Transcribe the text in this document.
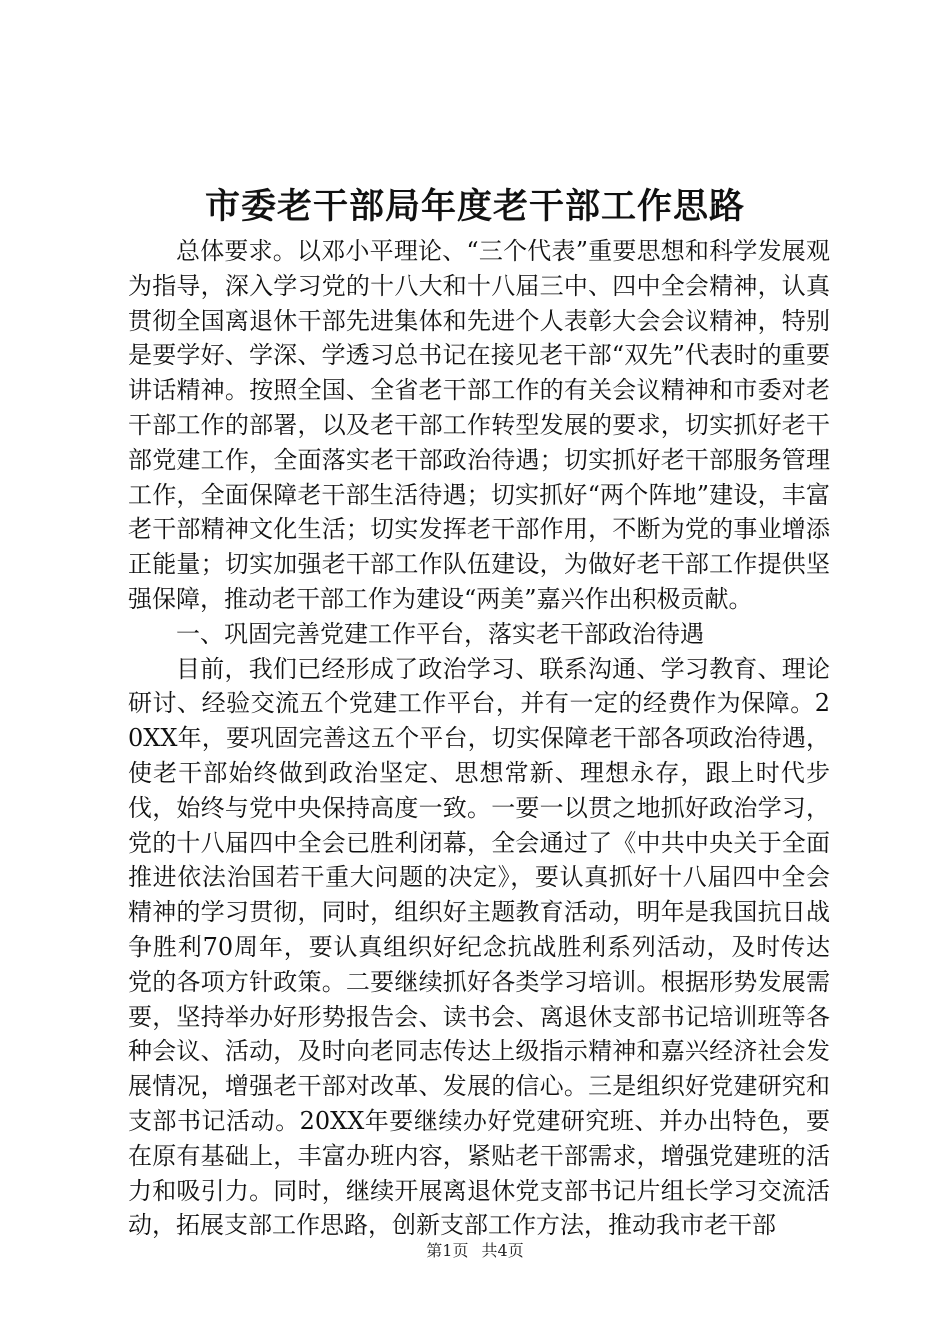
市委老干部局年度老干部工作思路

总体要求。以邓小平理论、“三个代表”重要思想和科学发展观为指导，深入学习党的十八大和十八届三中、四中全会精神，认真贯彻全国离退休干部先进集体和先进个人表彰大会会议精神，特别是要学好、学深、学透习总书记在接见老干部“双先”代表时的重要讲话精神。按照全国、全省老干部工作的有关会议精神和市委对老干部工作的部署，以及老干部工作转型发展的要求，切实抓好老干部党建工作，全面落实老干部政治待遇；切实抓好老干部服务管理工作，全面保障老干部生活待遇；切实抓好“两个阵地”建设，丰富老干部精神文化生活；切实发挥老干部作用，不断为党的事业增添正能量；切实加强老干部工作队伍建设，为做好老干部工作提供坚强保障，推动老干部工作为建设“两美”嘉兴作出积极贡献。

一、巩固完善党建工作平台，落实老干部政治待遇

目前，我们已经形成了政治学习、联系沟通、学习教育、理论研讨、经验交流五个党建工作平台，并有一定的经费作为保障。20XX年，要巩固完善这五个平台，切实保障老干部各项政治待遇，使老干部始终做到政治坚定、思想常新、理想永存，跟上时代步伐，始终与党中央保持高度一致。一要一以贯之地抓好政治学习，党的十八届四中全会已胜利闭幕，全会通过了《中共中央关于全面推进依法治国若干重大问题的决定》，要认真抓好十八届四中全会精神的学习贯彻，同时，组织好主题教育活动，明年是我国抗日战争胜利70周年，要认真组织好纪念抗战胜利系列活动，及时传达党的各项方针政策。二要继续抓好各类学习培训。根据形势发展需要，坚持举办好形势报告会、读书会、离退休支部书记培训班等各种会议、活动，及时向老同志传达上级指示精神和嘉兴经济社会发展情况，增强老干部对改革、发展的信心。三是组织好党建研究和支部书记活动。20XX年要继续办好党建研究班、并办出特色，要在原有基础上，丰富办班内容，紧贴老干部需求，增强党建班的活力和吸引力。同时，继续开展离退休党支部书记片组长学习交流活动，拓展支部工作思路，创新支部工作方法，推动我市老干部

第1页 共4页
